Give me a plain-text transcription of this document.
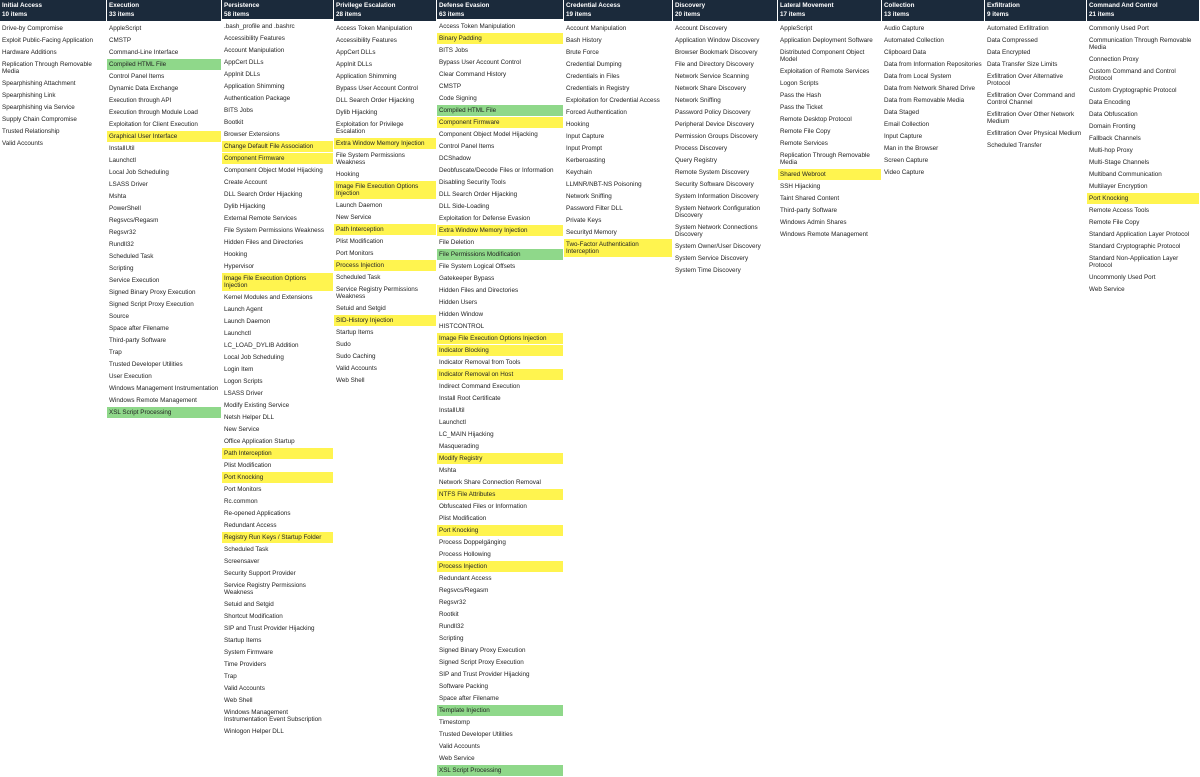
Initial Access
10 items
Drive-by Compromise
Exploit Public-Facing Application
Hardware Additions
Replication Through Removable Media
Spearphishing Attachment
Spearphishing Link
Spearphishing via Service
Supply Chain Compromise
Trusted Relationship
Valid Accounts
Execution
33 items
AppleScript
CMSTP
Command-Line Interface
Compiled HTML File
Control Panel Items
Dynamic Data Exchange
Execution through API
Execution through Module Load
Exploitation for Client Execution
Graphical User Interface
InstallUtil
Launchctl
Local Job Scheduling
LSASS Driver
Mshta
PowerShell
Regsvcs/Regasm
Regsvr32
Rundll32
Scheduled Task
Scripting
Service Execution
Signed Binary Proxy Execution
Signed Script Proxy Execution
Source
Space after Filename
Third-party Software
Trap
Trusted Developer Utilities
User Execution
Windows Management Instrumentation
Windows Remote Management
XSL Script Processing
Persistence
58 items
.bash_profile and .bashrc
Accessibility Features
Account Manipulation
AppCert DLLs
AppInit DLLs
Application Shimming
Authentication Package
BITS Jobs
Bootkit
Browser Extensions
Change Default File Association
Component Firmware
Component Object Model Hijacking
Create Account
DLL Search Order Hijacking
Dylib Hijacking
External Remote Services
File System Permissions Weakness
Hidden Files and Directories
Hooking
Hypervisor
Image File Execution Options Injection
Kernel Modules and Extensions
Launch Agent
Launch Daemon
Launchctl
LC_LOAD_DYLIB Addition
Local Job Scheduling
Login Item
Logon Scripts
LSASS Driver
Modify Existing Service
Netsh Helper DLL
New Service
Office Application Startup
Path Interception
Plist Modification
Port Knocking
Port Monitors
Rc.common
Re-opened Applications
Redundant Access
Registry Run Keys / Startup Folder
Scheduled Task
Screensaver
Security Support Provider
Service Registry Permissions Weakness
Setuid and Setgid
Shortcut Modification
SIP and Trust Provider Hijacking
Startup Items
System Firmware
Time Providers
Trap
Valid Accounts
Web Shell
Windows Management Instrumentation Event Subscription
Winlogon Helper DLL
Privilege Escalation
28 items
Access Token Manipulation
Accessibility Features
AppCert DLLs
AppInit DLLs
Application Shimming
Bypass User Account Control
DLL Search Order Hijacking
Dylib Hijacking
Exploitation for Privilege Escalation
Extra Window Memory Injection
File System Permissions Weakness
Hooking
Image File Execution Options Injection
Launch Daemon
New Service
Path Interception
Plist Modification
Port Monitors
Process Injection
Scheduled Task
Service Registry Permissions Weakness
Setuid and Setgid
SID-History Injection
Startup Items
Sudo
Sudo Caching
Valid Accounts
Web Shell
Defense Evasion
63 items
Access Token Manipulation
Binary Padding
BITS Jobs
Bypass User Account Control
Clear Command History
CMSTP
Code Signing
Compiled HTML File
Component Firmware
Component Object Model Hijacking
Control Panel Items
DCShadow
Deobfuscate/Decode Files or Information
Disabling Security Tools
DLL Search Order Hijacking
DLL Side-Loading
Exploitation for Defense Evasion
Extra Window Memory Injection
File Deletion
File Permissions Modification
File System Logical Offsets
Gatekeeper Bypass
Hidden Files and Directories
Hidden Users
Hidden Window
HISTCONTROL
Image File Execution Options Injection
Indicator Blocking
Indicator Removal from Tools
Indicator Removal on Host
Indirect Command Execution
Install Root Certificate
InstallUtil
Launchctl
LC_MAIN Hijacking
Masquerading
Modify Registry
Mshta
Network Share Connection Removal
NTFS File Attributes
Obfuscated Files or Information
Plist Modification
Port Knocking
Process Doppelgänging
Process Hollowing
Process Injection
Redundant Access
Regsvcs/Regasm
Regsvr32
Rootkit
Rundll32
Scripting
Signed Binary Proxy Execution
Signed Script Proxy Execution
SIP and Trust Provider Hijacking
Software Packing
Space after Filename
Template Injection
Timestomp
Trusted Developer Utilities
Valid Accounts
Web Service
XSL Script Processing
Credential Access
19 items
Account Manipulation
Bash History
Brute Force
Credential Dumping
Credentials in Files
Credentials in Registry
Exploitation for Credential Access
Forced Authentication
Hooking
Input Capture
Input Prompt
Kerberoasting
Keychain
LLMNR/NBT-NS Poisoning
Network Sniffing
Password Filter DLL
Private Keys
Securityd Memory
Two-Factor Authentication Interception
Discovery
20 items
Account Discovery
Application Window Discovery
Browser Bookmark Discovery
File and Directory Discovery
Network Service Scanning
Network Share Discovery
Network Sniffing
Password Policy Discovery
Peripheral Device Discovery
Permission Groups Discovery
Process Discovery
Query Registry
Remote System Discovery
Security Software Discovery
System Information Discovery
System Network Configuration Discovery
System Network Connections Discovery
System Owner/User Discovery
System Service Discovery
System Time Discovery
Lateral Movement
17 items
AppleScript
Application Deployment Software
Distributed Component Object Model
Exploitation of Remote Services
Logon Scripts
Pass the Hash
Pass the Ticket
Remote Desktop Protocol
Remote File Copy
Remote Services
Replication Through Removable Media
Shared Webroot
SSH Hijacking
Taint Shared Content
Third-party Software
Windows Admin Shares
Windows Remote Management
Collection
13 items
Audio Capture
Automated Collection
Clipboard Data
Data from Information Repositories
Data from Local System
Data from Network Shared Drive
Data from Removable Media
Data Staged
Email Collection
Input Capture
Man in the Browser
Screen Capture
Video Capture
Exfiltration
9 items
Automated Exfiltration
Data Compressed
Data Encrypted
Data Transfer Size Limits
Exfiltration Over Alternative Protocol
Exfiltration Over Command and Control Channel
Exfiltration Over Other Network Medium
Exfiltration Over Physical Medium
Scheduled Transfer
Command And Control
21 items
Commonly Used Port
Communication Through Removable Media
Connection Proxy
Custom Command and Control Protocol
Custom Cryptographic Protocol
Data Encoding
Data Obfuscation
Domain Fronting
Fallback Channels
Multi-hop Proxy
Multi-Stage Channels
Multiband Communication
Multilayer Encryption
Port Knocking
Remote Access Tools
Remote File Copy
Standard Application Layer Protocol
Standard Cryptographic Protocol
Standard Non-Application Layer Protocol
Uncommonly Used Port
Web Service
